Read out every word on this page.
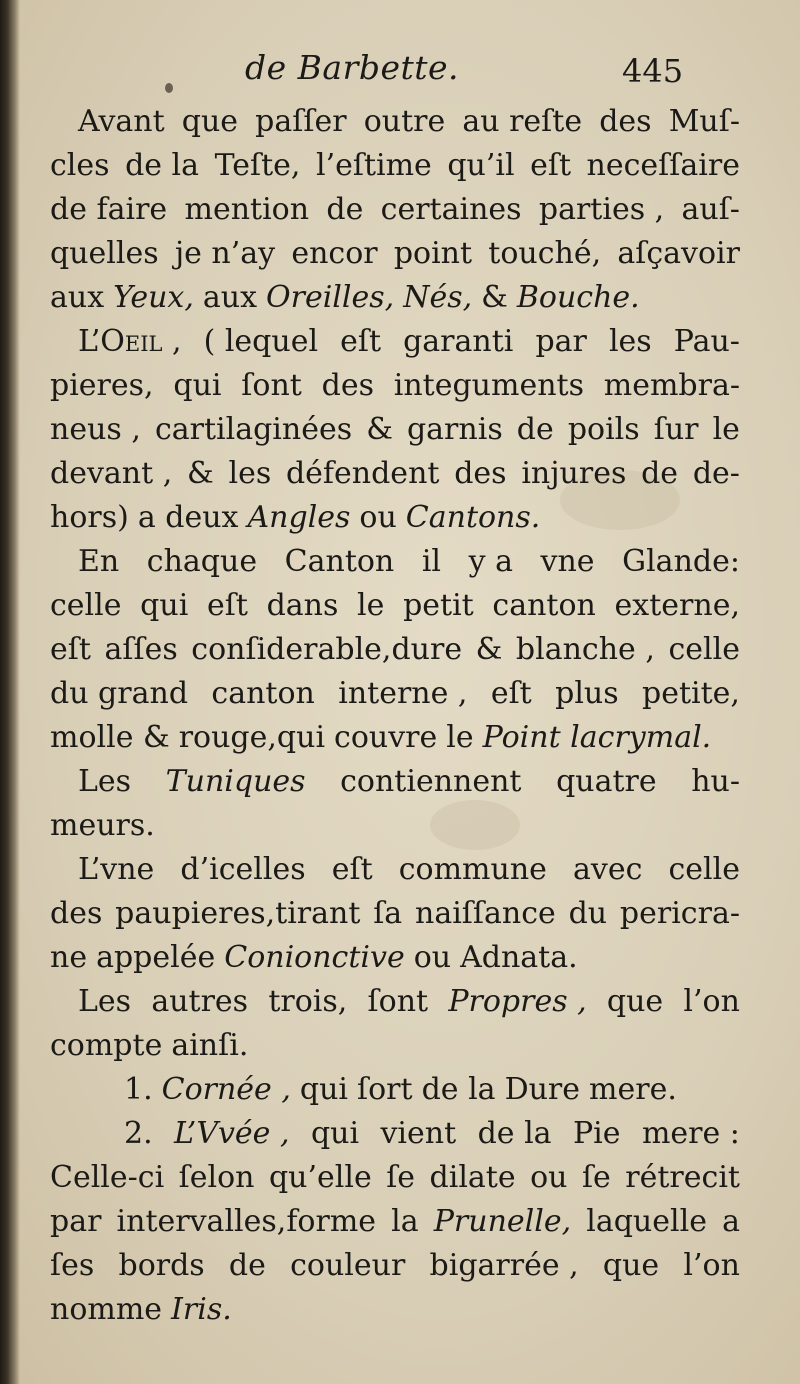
de Barbette.	445
Avant que paſſer outre au reſte des Muſ-
cles de la Teſte, l’eſtime qu’il eſt neceſſaire
de faire mention de certaines parties , auſ-
quelles je n’ay encor point touché, aſçavoir
aux Yeux, aux Oreilles, Nés, & Bouche.
L’Oeil , ( lequel eſt garanti par les Pau-
pieres, qui ſont des integuments membra-
neus , cartilaginées & garnis de poils ſur le
devant , & les défendent des injures de de-
hors) a deux Angles ou Cantons.
En chaque Canton il y a vne Glande:
celle qui eſt dans le petit canton externe,
eſt aſſes conſiderable,dure & blanche , celle
du grand canton interne , eſt plus petite,
molle & rouge,qui couvre le Point lacrymal.
Les Tuniques contiennent quatre hu-
meurs.
L’vne d’icelles eſt commune avec celle
des paupieres,tirant ſa naiſſance du pericra-
ne appelée Conionctive ou Adnata.
Les autres trois, ſont Propres , que l’on
compte ainſi.
1. Cornée , qui ſort de la Dure mere.
2. L’Vvée , qui vient de la Pie mere :
Celle-ci ſelon qu’elle ſe dilate ou ſe rétrecit
par intervalles,forme la Prunelle, laquelle a
ſes bords de couleur bigarrée , que l’on
nomme Iris.
